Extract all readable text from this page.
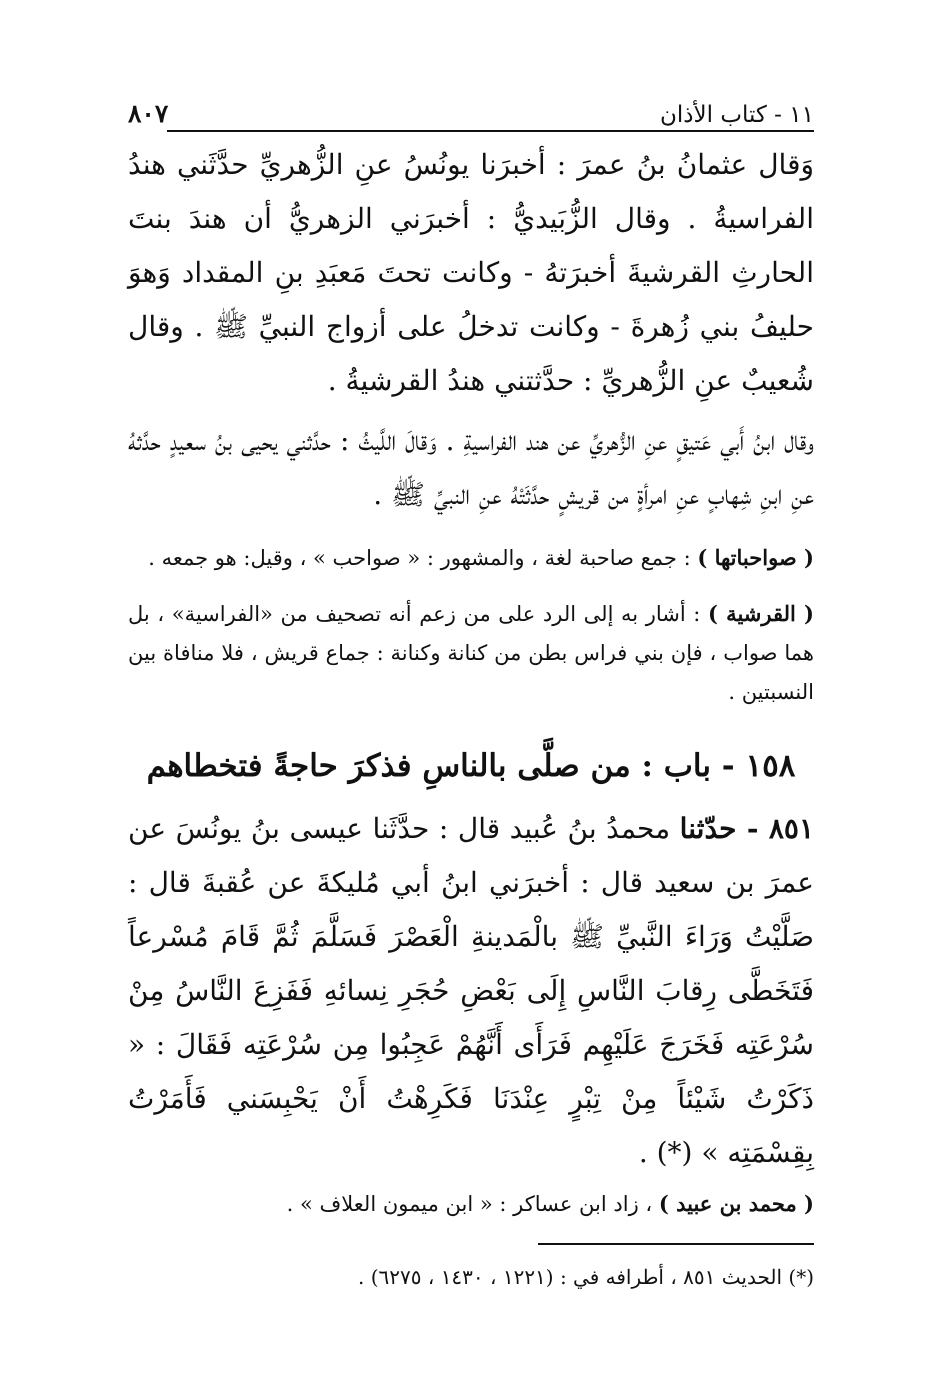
١١ - كتاب الأذان
٨٠٧

وَقال عثمانُ بنُ عمرَ : أخبرَنا يونُسُ عنِ الزُّهريِّ حدَّثَني هندُ الفراسيةُ . وقال الزُّبَيديُّ : أخبرَني الزهريُّ أن هندَ بنتَ الحارثِ القرشيةَ أخبرَتهُ - وكانت تحتَ مَعبَدِ بنِ المقداد وَهوَ حليفُ بني زُهرةَ - وكانت تدخلُ على أزواج النبيِّ ﷺ . وقال شُعيبٌ عنِ الزُّهريِّ : حدَّثتني هندُ القرشيةُ .

وقال ابنُ أَبي عَتيقٍ عنِ الزُّهريِّ عن هند الفراسيةِ . وَقالَ اللَّيثُ : حدَّثني يحيى بنُ سعيدٍ حدَّثهُ عنِ ابنِ شِهابٍ عنِ امرأةٍ من قريشٍ حدَّثَتْهُ عنِ النبيِّ ﷺ .

( صواحباتها ) : جمع صاحبة لغة ، والمشهور : « صواحب » ، وقيل: هو جمعه .

( القرشية ) : أشار به إلى الرد على من زعم أنه تصحيف من «الفراسية» ، بل هما صواب ، فإن بني فراس بطن من كنانة وكنانة : جماع قريش ، فلا منافاة بين النسبتين .

١٥٨ - باب : من صلَّى بالناسِ فذكرَ حاجةً فتخطاهم

٨٥١ - حدّثنا محمدُ بنُ عُبيد قال : حدَّثَنا عيسى بنُ يونُسَ عن عمرَ بن سعيد قال : أخبرَني ابنُ أبي مُليكةَ عن عُقبةَ قال : صَلَّيْتُ وَرَاءَ النَّبيِّ ﷺ بالْمَدينةِ الْعَصْرَ فَسَلَّمَ ثُمَّ قَامَ مُسْرعاً فَتَخَطَّى رِقابَ النَّاسِ إِلَى بَعْضِ حُجَرِ نِسائهِ فَفَزِعَ النَّاسُ مِنْ سُرْعَتِه فَخَرَجَ عَلَيْهِم فَرَأَى أَنَّهُمْ عَجِبُوا مِن سُرْعَتِه فَقَالَ : « ذَكَرْتُ شَيْئاً مِنْ تِبْرٍ عِنْدَنَا فَكَرِهْتُ أَنْ يَحْبِسَني فَأَمَرْتُ بِقِسْمَتِه » (*) .

( محمد بن عبيد ) ، زاد ابن عساكر : « ابن ميمون العلاف » .

(*) الحديث ٨٥١ ، أطرافه في : (١٢٢١ ، ١٤٣٠ ، ٦٢٧٥) .
